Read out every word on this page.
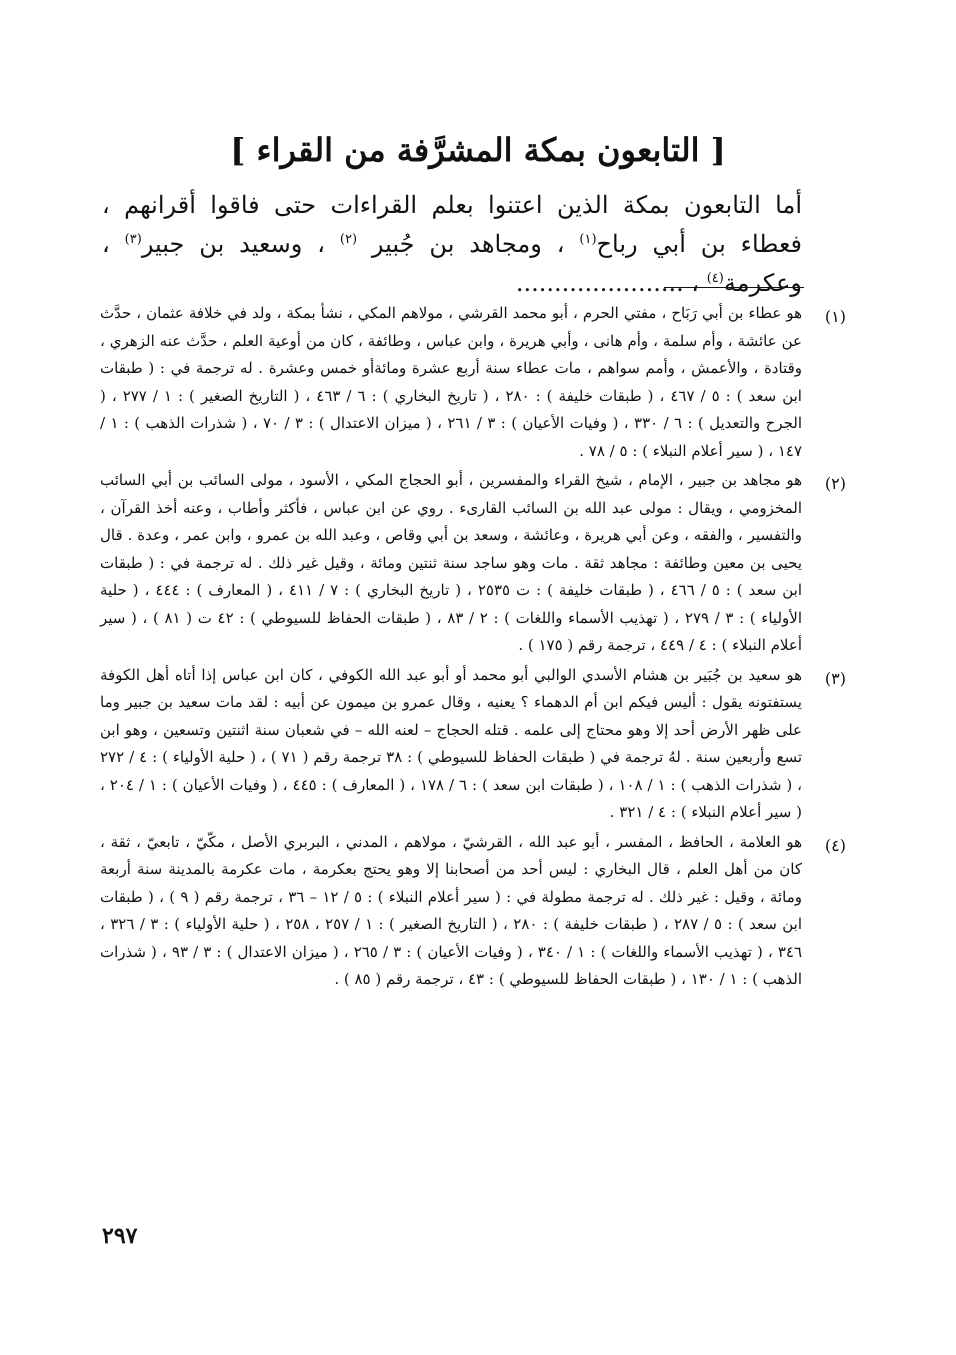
[ التابعون بمكة المشرَّفة من القراء ]

أما التابعون بمكة الذين اعتنوا بعلم القراءات حتى فاقوا أقرانهم ، فعطاء بن أبي رباح$^{(١)}$ ، ومجاهد بن جُبير $^{(٢)}$ ، وسعيد بن جبير$^{(٣)}$ ، وعكرمة$^{(٤)}$ ، ......................

(١)
هو عطاء بن أبي رَبَاح ، مفتي الحرم ، أبو محمد القرشي ، مولاهم المكي ، نشأ بمكة ، ولد في خلافة عثمان ، حدَّث عن عائشة ، وأم سلمة ، وأم هانى ، وأبي هريرة ، وابن عباس ، وطائفة ، كان من أوعية العلم ، حدَّث عنه الزهري ، وقتادة ، والأعمش ، وأمم سواهم ، مات عطاء سنة أربع عشرة ومائةأو خمس وعشرة . له ترجمة في : ( طبقات ابن سعد ) : ٥ / ٤٦٧ ، ( طبقات خليفة ) : ٢٨٠ ، ( تاريخ البخاري ) : ٦ / ٤٦٣ ، ( التاريخ الصغير ) : ١ / ٢٧٧ ، ( الجرح والتعديل ) : ٦ / ٣٣٠ ، ( وفيات الأعيان ) : ٣ / ٢٦١ ، ( ميزان الاعتدال ) : ٣ / ٧٠ ، ( شذرات الذهب ) : ١ / ١٤٧ ، ( سير أعلام النبلاء ) : ٥ / ٧٨ .
(٢)
هو مجاهد بن جبير ، الإمام ، شيخ القراء والمفسرين ، أبو الحجاج المكي ، الأسود ، مولى السائب بن أبي السائب المخزومي ، ويقال : مولى عبد الله بن السائب القارىء . روي عن ابن عباس ، فأكثر وأطاب ، وعنه أخذ القرآن ، والتفسير ، والفقه ، وعن أبي هريرة ، وعائشة ، وسعد بن أبي وقاص ، وعبد الله بن عمرو ، وابن عمر ، وعدة . قال يحيى بن معين وطائفة : مجاهد ثقة . مات وهو ساجد سنة ثنتين ومائة ، وقيل غير ذلك . له ترجمة في : ( طبقات ابن سعد ) : ٥ / ٤٦٦ ، ( طبقات خليفة ) : ت ٢٥٣٥ ، ( تاريخ البخاري ) : ٧ / ٤١١ ، ( المعارف ) : ٤٤٤ ، ( حلية الأولياء ) : ٣ / ٢٧٩ ، ( تهذيب الأسماء واللغات ) : ٢ / ٨٣ ، ( طبقات الحفاظ للسيوطي ) : ٤٢ ت ( ٨١ ) ، ( سير أعلام النبلاء ) : ٤ / ٤٤٩ ، ترجمة رقم ( ١٧٥ ) .
(٣)
هو سعيد بن جُبَير بن هشام الأسدي الوالبي أبو محمد أو أبو عبد الله الكوفي ، كان ابن عباس إذا أتاه أهل الكوفة يستفتونه يقول : أليس فيكم ابن أم الدهماء ؟ يعنيه ، وقال عمرو بن ميمون عن أبيه : لقد مات سعيد بن جبير وما على ظهر الأرض أحد إلا وهو محتاج إلى علمه . قتله الحجاج – لعنه الله – في شعبان سنة اثنتين وتسعين ، وهو ابن تسع وأربعين سنة . لهُ ترجمة في ( طبقات الحفاظ للسيوطي ) : ٣٨ ترجمة رقم ( ٧١ ) ، ( حلية الأولياء ) : ٤ / ٢٧٢ ، ( شذرات الذهب ) : ١ / ١٠٨ ، ( طبقات ابن سعد ) : ٦ / ١٧٨ ، ( المعارف ) : ٤٤٥ ، ( وفيات الأعيان ) : ١ / ٢٠٤ ، ( سير أعلام النبلاء ) : ٤ / ٣٢١ .
(٤)
هو العلامة ، الحافظ ، المفسر ، أبو عبد الله ، القرشيّ ، مولاهم ، المدني ، البربري الأصل ، مكّيّ ، تابعيّ ، ثقة ، كان من أهل العلم ، قال البخاري : ليس أحد من أصحابنا إلا وهو يحتج بعكرمة ، مات عكرمة بالمدينة سنة أربعة ومائة ، وقيل : غير ذلك . له ترجمة مطولة في : ( سير أعلام النبلاء ) : ٥ / ١٢ – ٣٦ ، ترجمة رقم ( ٩ ) ، ( طبقات ابن سعد ) : ٥ / ٢٨٧ ، ( طبقات خليفة ) : ٢٨٠ ، ( التاريخ الصغير ) : ١ / ٢٥٧ ، ٢٥٨ ، ( حلية الأولياء ) : ٣ / ٣٢٦ ، ٣٤٦ ، ( تهذيب الأسماء واللغات ) : ١ / ٣٤٠ ، ( وفيات الأعيان ) : ٣ / ٢٦٥ ، ( ميزان الاعتدال ) : ٣ / ٩٣ ، ( شذرات الذهب ) : ١ / ١٣٠ ، ( طبقات الحفاظ للسيوطي ) : ٤٣ ، ترجمة رقم ( ٨٥ ) .
٢٩٧
